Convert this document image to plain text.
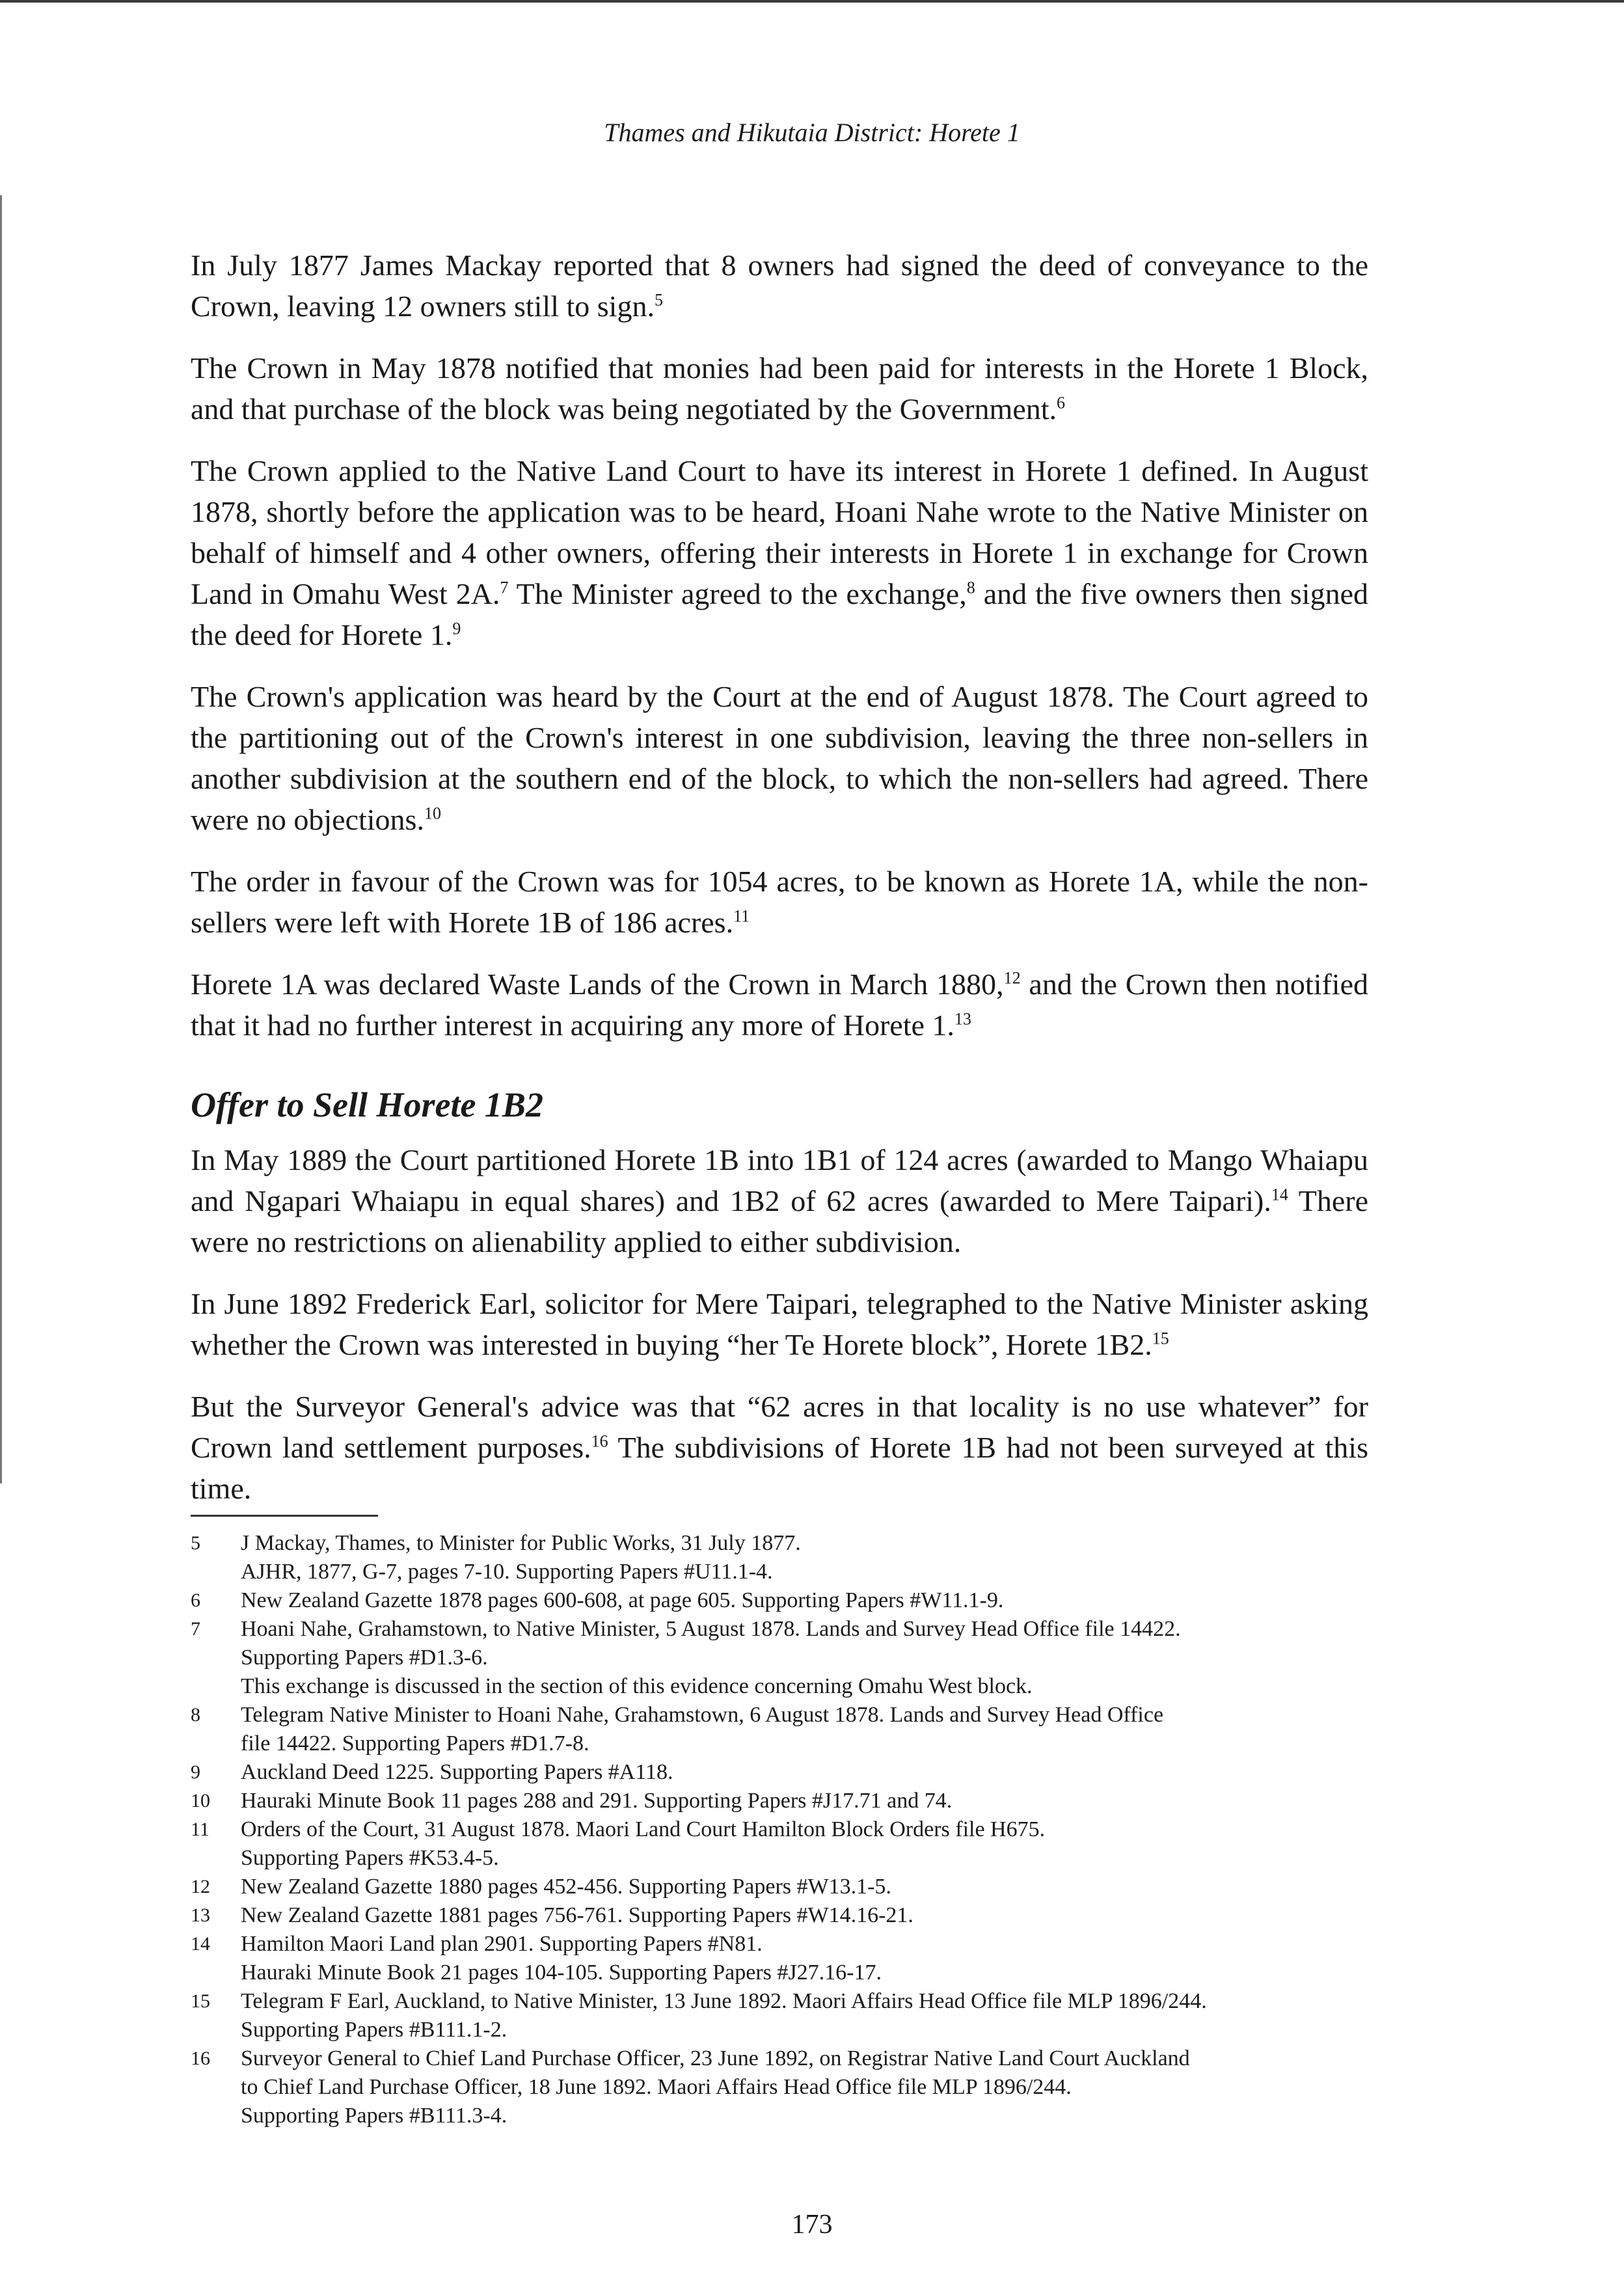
Thames and Hikutaia District: Horete 1

In July 1877 James Mackay reported that 8 owners had signed the deed of conveyance to the Crown, leaving 12 owners still to sign.$^5$

The Crown in May 1878 notified that monies had been paid for interests in the Horete 1 Block, and that purchase of the block was being negotiated by the Government.$^6$

The Crown applied to the Native Land Court to have its interest in Horete 1 defined. In August 1878, shortly before the application was to be heard, Hoani Nahe wrote to the Native Minister on behalf of himself and 4 other owners, offering their interests in Horete 1 in exchange for Crown Land in Omahu West 2A.$^7$ The Minister agreed to the exchange,$^8$ and the five owners then signed the deed for Horete 1.$^9$

The Crown's application was heard by the Court at the end of August 1878. The Court agreed to the partitioning out of the Crown's interest in one subdivision, leaving the three non-sellers in another subdivision at the southern end of the block, to which the non-sellers had agreed. There were no objections.$^{10}$

The order in favour of the Crown was for 1054 acres, to be known as Horete 1A, while the non-sellers were left with Horete 1B of 186 acres.$^{11}$

Horete 1A was declared Waste Lands of the Crown in March 1880,12 and the Crown then notified that it had no further interest in acquiring any more of Horete 1.13

Offer to Sell Horete 1B2

In May 1889 the Court partitioned Horete 1B into 1B1 of 124 acres (awarded to Mango Whaiapu and Ngapari Whaiapu in equal shares) and 1B2 of 62 acres (awarded to Mere Taipari).$^{14}$ There were no restrictions on alienability applied to either subdivision.

In June 1892 Frederick Earl, solicitor for Mere Taipari, telegraphed to the Native Minister asking whether the Crown was interested in buying “her Te Horete block”, Horete 1B2.15

But the Surveyor General's advice was that “62 acres in that locality is no use whatever” for Crown land settlement purposes.$^{16}$ The subdivisions of Horete 1B had not been surveyed at this time.

5	J Mackay, Thames, to Minister for Public Works, 31 July 1877.
AJHR, 1877, G-7, pages 7-10. Supporting Papers #U11.1-4.
6	New Zealand Gazette 1878 pages 600-608, at page 605. Supporting Papers #W11.1-9.
7	Hoani Nahe, Grahamstown, to Native Minister, 5 August 1878. Lands and Survey Head Office file 14422.
Supporting Papers #D1.3-6.
This exchange is discussed in the section of this evidence concerning Omahu West block.
8	Telegram Native Minister to Hoani Nahe, Grahamstown, 6 August 1878. Lands and Survey Head Office
file 14422. Supporting Papers #D1.7-8.
9	Auckland Deed 1225. Supporting Papers #A118.
10	Hauraki Minute Book 11 pages 288 and 291. Supporting Papers #J17.71 and 74.
11	Orders of the Court, 31 August 1878. Maori Land Court Hamilton Block Orders file H675.
Supporting Papers #K53.4-5.
12	New Zealand Gazette 1880 pages 452-456. Supporting Papers #W13.1-5.
13	New Zealand Gazette 1881 pages 756-761. Supporting Papers #W14.16-21.
14	Hamilton Maori Land plan 2901. Supporting Papers #N81.
Hauraki Minute Book 21 pages 104-105. Supporting Papers #J27.16-17.
15	Telegram F Earl, Auckland, to Native Minister, 13 June 1892. Maori Affairs Head Office file MLP 1896/244.
Supporting Papers #B111.1-2.
16	Surveyor General to Chief Land Purchase Officer, 23 June 1892, on Registrar Native Land Court Auckland
to Chief Land Purchase Officer, 18 June 1892. Maori Affairs Head Office file MLP 1896/244.
Supporting Papers #B111.3-4.
173
